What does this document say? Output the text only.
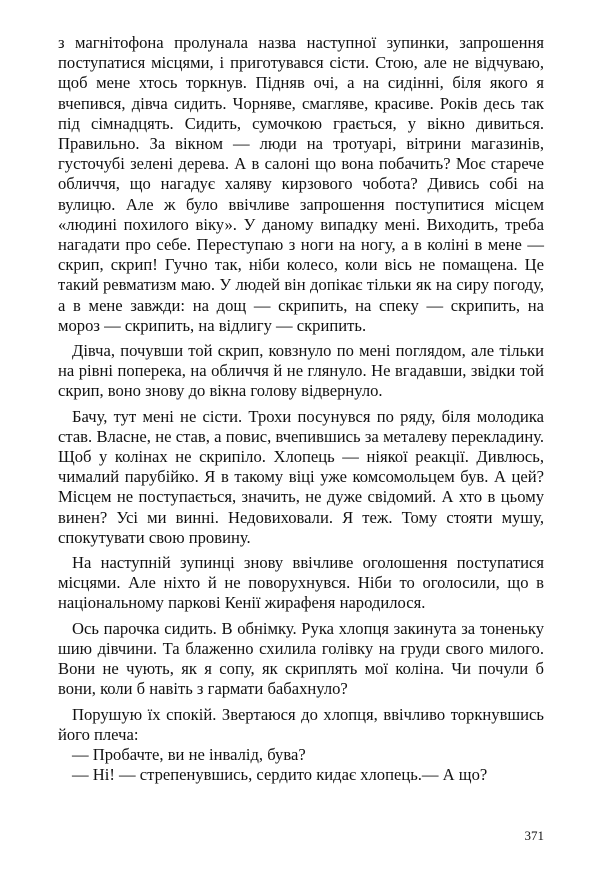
з магнітофона пролунала назва наступної зупинки, запрошення поступатися місцями, і приготувався сісти. Стою, але не відчуваю, щоб мене хтось торкнув. Підняв очі, а на сидінні, біля якого я вчепився, дівча сидить. Чорняве, смагляве, красиве. Років десь так під сімнадцять. Сидить, сумочкою грається, у вікно дивиться. Правильно. За вікном — люди на тротуарі, вітрини магазинів, густочубі зелені дерева. А в салоні що вона побачить? Моє старече обличчя, що нагадує халяву кирзового чобота? Дивись собі на вулицю. Але ж було ввічливе запрошення поступитися місцем «людині похилого віку». У даному випадку мені. Виходить, треба нагадати про себе. Переступаю з ноги на ногу, а в коліні в мене — скрип, скрип! Гучно так, ніби колесо, коли вісь не помащена. Це такий ревматизм маю. У людей він допікає тільки як на сиру погоду, а в мене завжди: на дощ — скрипить, на спеку — скрипить, на мороз — скрипить, на відлигу — скрипить.

Дівча, почувши той скрип, ковзнуло по мені поглядом, але тільки на рівні поперека, на обличчя й не глянуло. Не вгадавши, звідки той скрип, воно знову до вікна голову відвернуло.

Бачу, тут мені не сісти. Трохи посунувся по ряду, біля молодика став. Власне, не став, а повис, вчепившись за металеву перекладину. Щоб у колінах не скрипіло. Хлопець — ніякої реакції. Дивлюсь, чималий парубійко. Я в такому віці уже комсомольцем був. А цей? Місцем не поступається, значить, не дуже свідомий. А хто в цьому винен? Усі ми винні. Недовиховали. Я теж. Тому стояти мушу, спокутувати свою провину.

На наступній зупинці знову ввічливе оголошення поступатися місцями. Але ніхто й не поворухнувся. Ніби то оголосили, що в національному паркові Кенії жирафеня народилося.

Ось парочка сидить. В обнімку. Рука хлопця закинута за тоненьку шию дівчини. Та блаженно схилила голівку на груди свого милого. Вони не чують, як я сопу, як скриплять мої коліна. Чи почули б вони, коли б навіть з гармати бабахнуло?

Порушую їх спокій. Звертаюся до хлопця, ввічливо торкнувшись його плеча:

— Пробачте, ви не інвалід, бува?

— Ні! — стрепенувшись, сердито кидає хлопець.— А що?

371
